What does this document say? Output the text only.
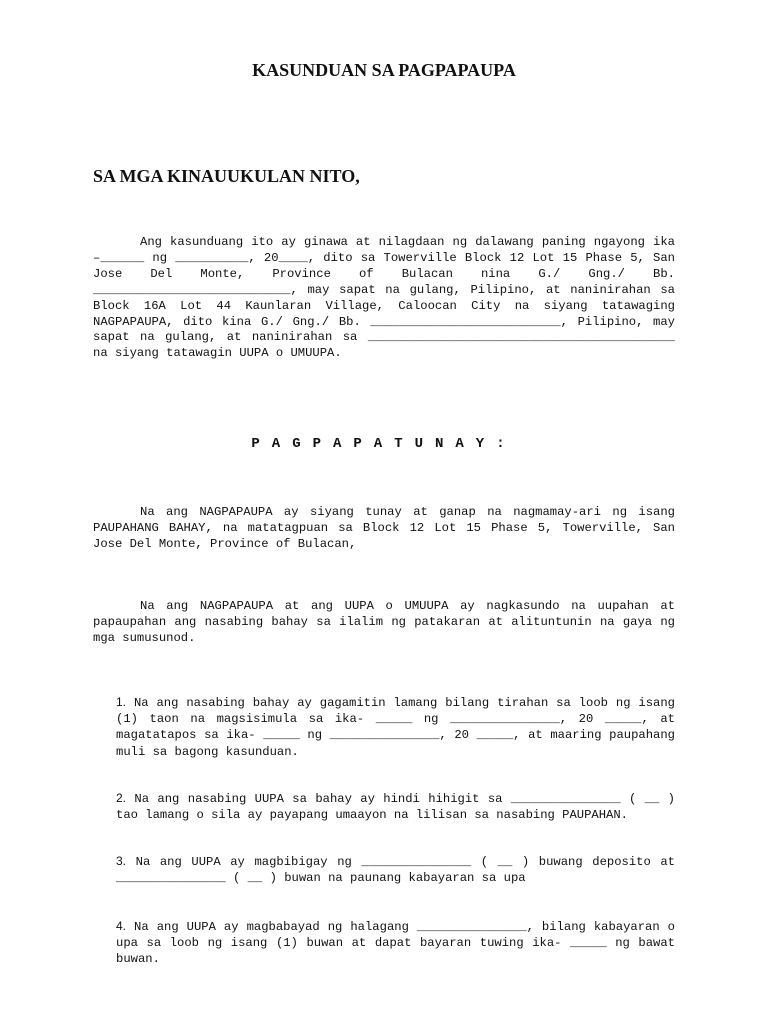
KASUNDUAN SA PAGPAPAUPA

SA MGA KINAUUKULAN NITO,

Ang kasunduang ito ay ginawa at nilagdaan ng dalawang paning ngayong ika –______ ng __________, 20____, dito sa Towerville Block 12 Lot 15 Phase 5, San Jose Del Monte, Province of Bulacan nina G./ Gng./ Bb. ___________________________, may sapat na gulang, Pilipino, at naninirahan sa Block 16A Lot 44 Kaunlaran Village, Caloocan City na siyang tatawaging NAGPAPAUPA, dito kina G./ Gng./ Bb. __________________________, Pilipino, may sapat na gulang, at naninirahan sa __________________________________________ na siyang tatawagin UUPA o UMUUPA.

PAGPAPATUNAY:

Na ang NAGPAPAUPA ay siyang tunay at ganap na nagmamay-ari ng isang PAUPAHANG BAHAY, na matatagpuan sa Block 12 Lot 15 Phase 5, Towerville, San Jose Del Monte, Province of Bulacan,

Na ang NAGPAPAUPA at ang UUPA o UMUUPA ay nagkasundo na uupahan at papaupahan ang nasabing bahay sa ilalim ng patakaran at alituntunin na gaya ng mga sumusunod.

1. Na ang nasabing bahay ay gagamitin lamang bilang tirahan sa loob ng isang (1) taon na magsisimula sa ika- _____ ng _______________, 20 _____, at magatatapos sa ika- _____ ng _______________, 20 _____, at maaring paupahang muli sa bagong kasunduan.

2. Na ang nasabing UUPA sa bahay ay hindi hihigit sa _______________ ( __ ) tao lamang o sila ay payapang umaayon na lilisan sa nasabing PAUPAHAN.

3. Na ang UUPA ay magbibigay ng _______________ ( __ ) buwang deposito at _______________ ( __ ) buwan na paunang kabayaran sa upa

4. Na ang UUPA ay magbabayad ng halagang _______________, bilang kabayaran o upa sa loob ng isang (1) buwan at dapat bayaran tuwing ika- _____ ng bawat buwan.
